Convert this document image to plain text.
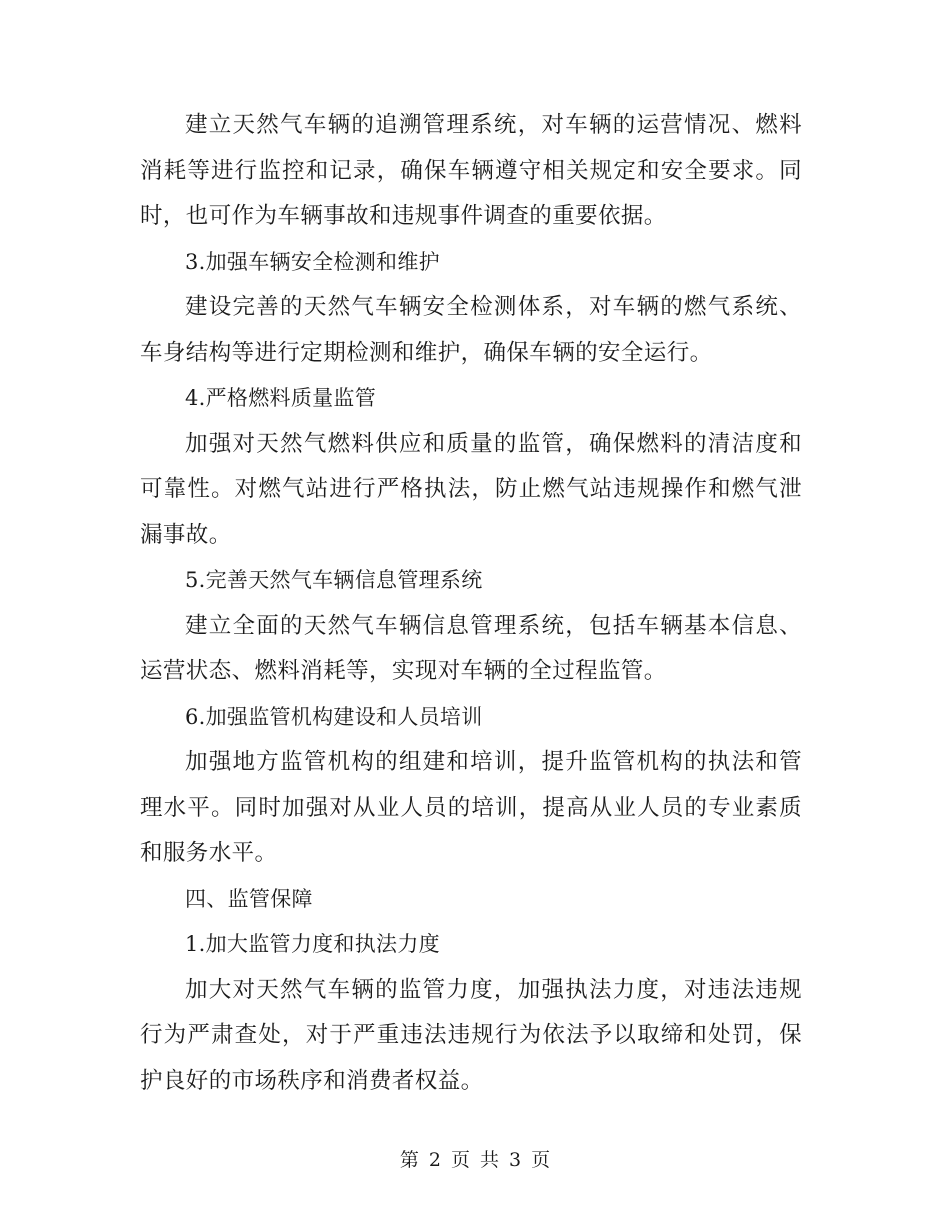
建立天然气车辆的追溯管理系统，对车辆的运营情况、燃料消耗等进行监控和记录，确保车辆遵守相关规定和安全要求。同时，也可作为车辆事故和违规事件调查的重要依据。

3.加强车辆安全检测和维护

建设完善的天然气车辆安全检测体系，对车辆的燃气系统、车身结构等进行定期检测和维护，确保车辆的安全运行。

4.严格燃料质量监管

加强对天然气燃料供应和质量的监管，确保燃料的清洁度和可靠性。对燃气站进行严格执法，防止燃气站违规操作和燃气泄漏事故。

5.完善天然气车辆信息管理系统

建立全面的天然气车辆信息管理系统，包括车辆基本信息、运营状态、燃料消耗等，实现对车辆的全过程监管。

6.加强监管机构建设和人员培训

加强地方监管机构的组建和培训，提升监管机构的执法和管理水平。同时加强对从业人员的培训，提高从业人员的专业素质和服务水平。

四、监管保障

1.加大监管力度和执法力度

加大对天然气车辆的监管力度，加强执法力度，对违法违规行为严肃查处，对于严重违法违规行为依法予以取缔和处罚，保护良好的市场秩序和消费者权益。

第 2 页 共 3 页
